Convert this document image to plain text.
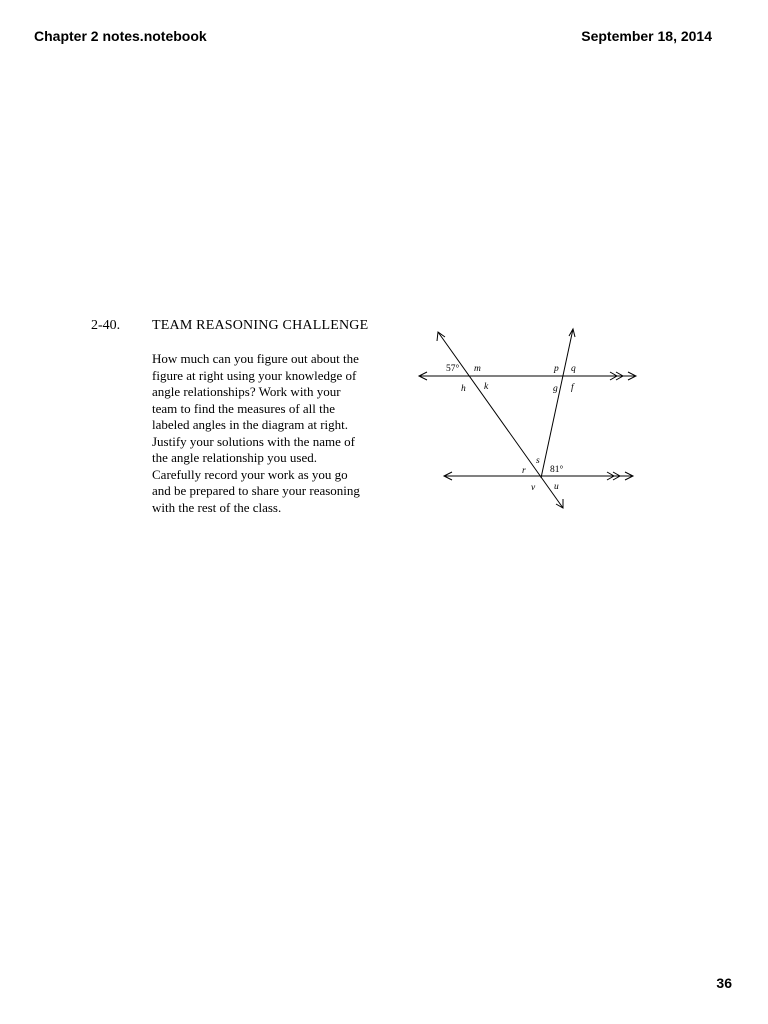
Chapter 2 notes.notebook	September 18, 2014
2-40. TEAM REASONING CHALLENGE
How much can you figure out about the
figure at right using your knowledge of
angle relationships? Work with your
team to find the measures of all the
labeled angles in the diagram at right.
Justify your solutions with the name of
the angle relationship you used.
Carefully record your work as you go
and be prepared to share your reasoning
with the rest of the class.
57° m
h k
p q
g f
s
r	81°
v u
36
